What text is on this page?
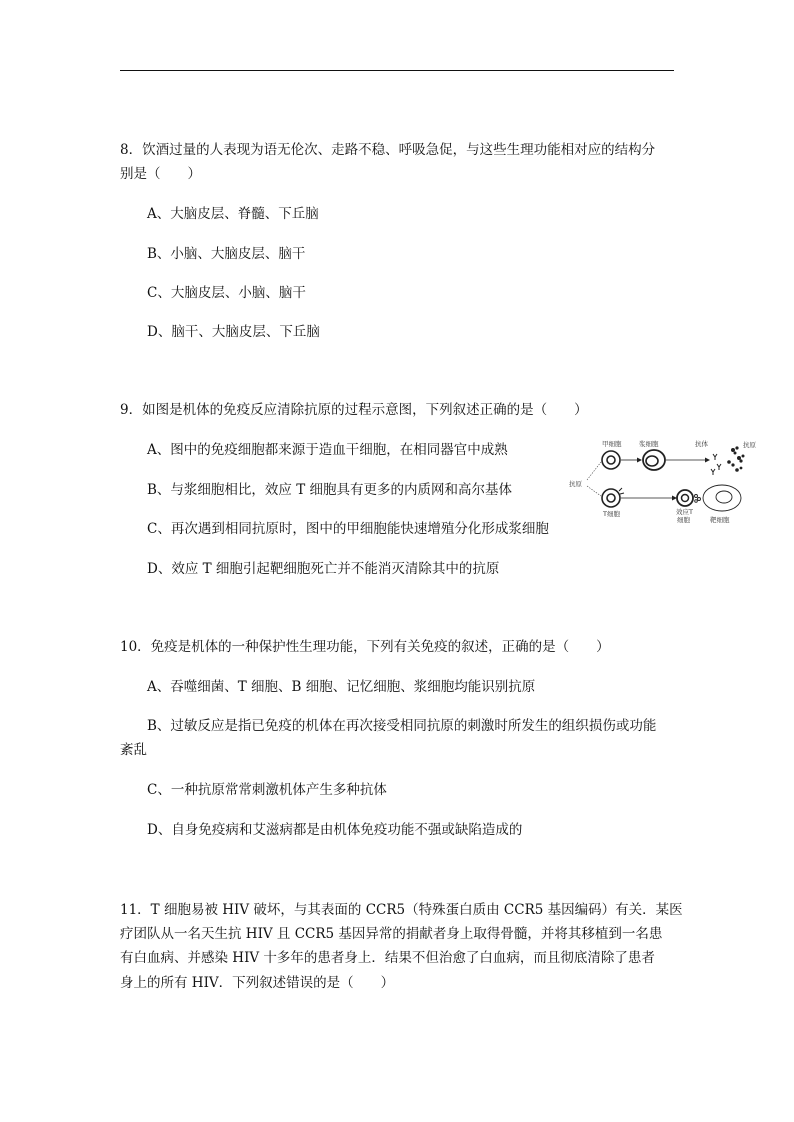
8．饮酒过量的人表现为语无伦次、走路不稳、呼吸急促，与这些生理功能相对应的结构分
别是（　　）
A、大脑皮层、脊髓、下丘脑
B、小脑、大脑皮层、脑干
C、大脑皮层、小脑、脑干
D、脑干、大脑皮层、下丘脑
9．如图是机体的免疫反应清除抗原的过程示意图，下列叙述正确的是（　　）
A、图中的免疫细胞都来源于造血干细胞，在相同器官中成熟
B、与浆细胞相比，效应 T 细胞具有更多的内质网和高尔基体
C、再次遇到相同抗原时，图中的甲细胞能快速增殖分化形成浆细胞
D、效应 T 细胞引起靶细胞死亡并不能消灭清除其中的抗原
抗原
甲细胞	浆细胞	抗体	抗原
T细胞	效应T
细胞	靶细胞
10．免疫是机体的一种保护性生理功能，下列有关免疫的叙述，正确的是（　　）
A、吞噬细菌、T 细胞、B 细胞、记忆细胞、浆细胞均能识别抗原
B、过敏反应是指已免疫的机体在再次接受相同抗原的刺激时所发生的组织损伤或功能
紊乱
C、一种抗原常常刺激机体产生多种抗体
D、自身免疫病和艾滋病都是由机体免疫功能不强或缺陷造成的
11．T 细胞易被 HIV 破坏，与其表面的 CCR5（特殊蛋白质由 CCR5 基因编码）有关．某医
疗团队从一名天生抗 HIV 且 CCR5 基因异常的捐献者身上取得骨髓，并将其移植到一名患
有白血病、并感染 HIV 十多年的患者身上．结果不但治愈了白血病，而且彻底清除了患者
身上的所有 HIV．下列叙述错误的是（　　）
